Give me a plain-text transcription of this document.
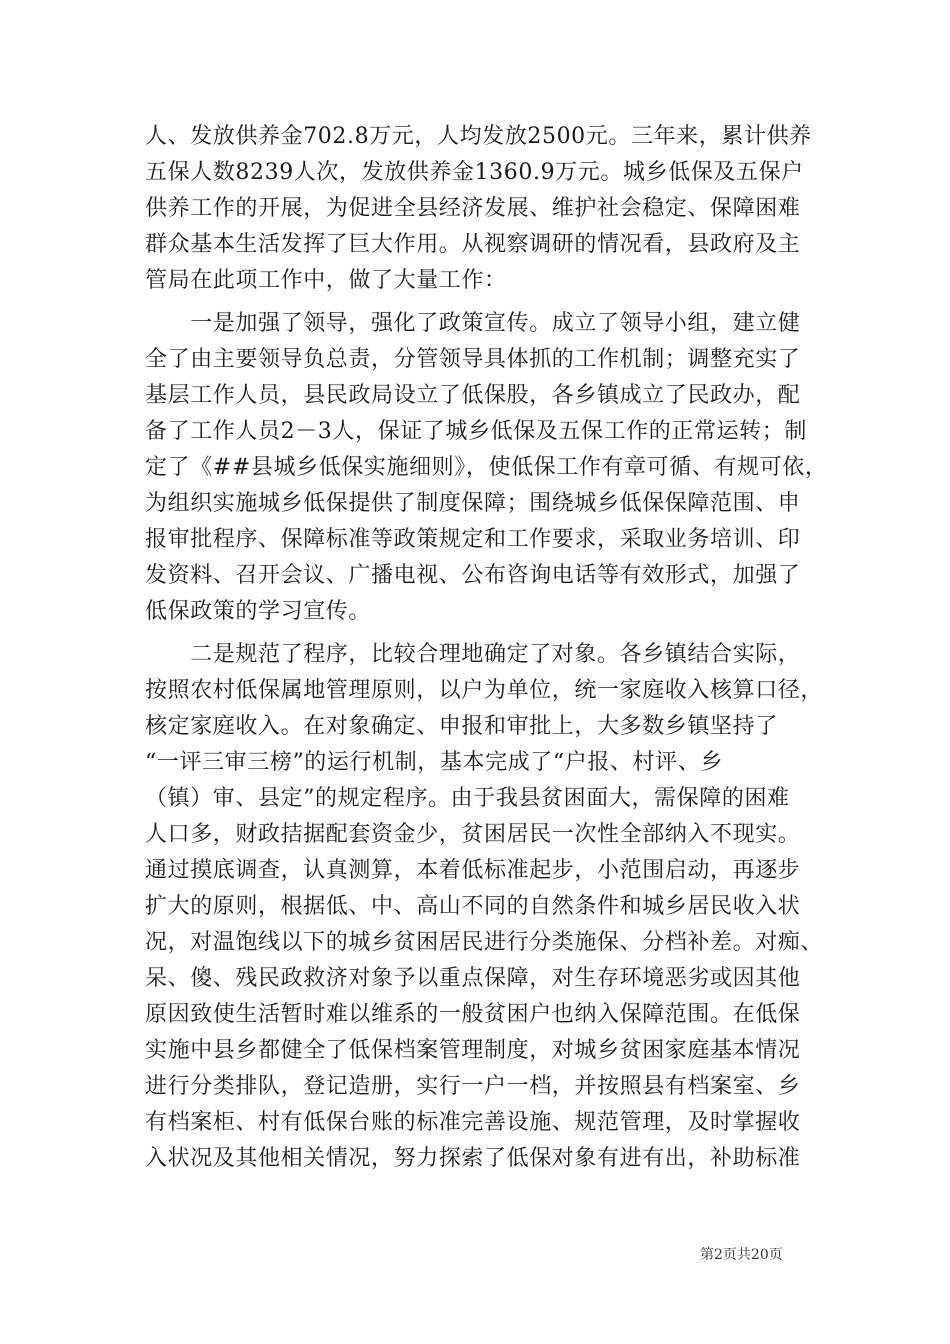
人、发放供养金702.8万元，人均发放2500元。三年来，累计供养
五保人数8239人次，发放供养金1360.9万元。城乡低保及五保户
供养工作的开展，为促进全县经济发展、维护社会稳定、保障困难
群众基本生活发挥了巨大作用。从视察调研的情况看，县政府及主
管局在此项工作中，做了大量工作：
　　一是加强了领导，强化了政策宣传。成立了领导小组，建立健
全了由主要领导负总责，分管领导具体抓的工作机制；调整充实了
基层工作人员，县民政局设立了低保股，各乡镇成立了民政办，配
备了工作人员2－3人，保证了城乡低保及五保工作的正常运转；制
定了《##县城乡低保实施细则》，使低保工作有章可循、有规可依，
为组织实施城乡低保提供了制度保障；围绕城乡低保保障范围、申
报审批程序、保障标准等政策规定和工作要求，采取业务培训、印
发资料、召开会议、广播电视、公布咨询电话等有效形式，加强了
低保政策的学习宣传。
　　二是规范了程序，比较合理地确定了对象。各乡镇结合实际，
按照农村低保属地管理原则，以户为单位，统一家庭收入核算口径，
核定家庭收入。在对象确定、申报和审批上，大多数乡镇坚持了
“一评三审三榜”的运行机制，基本完成了“户报、村评、乡
（镇）审、县定”的规定程序。由于我县贫困面大，需保障的困难
人口多，财政拮据配套资金少，贫困居民一次性全部纳入不现实。
通过摸底调查，认真测算，本着低标准起步，小范围启动，再逐步
扩大的原则，根据低、中、高山不同的自然条件和城乡居民收入状
况，对温饱线以下的城乡贫困居民进行分类施保、分档补差。对痴、
呆、傻、残民政救济对象予以重点保障，对生存环境恶劣或因其他
原因致使生活暂时难以维系的一般贫困户也纳入保障范围。在低保
实施中县乡都健全了低保档案管理制度，对城乡贫困家庭基本情况
进行分类排队，登记造册，实行一户一档，并按照县有档案室、乡
有档案柜、村有低保台账的标准完善设施、规范管理，及时掌握收
入状况及其他相关情况，努力探索了低保对象有进有出，补助标准
第2页共20页
